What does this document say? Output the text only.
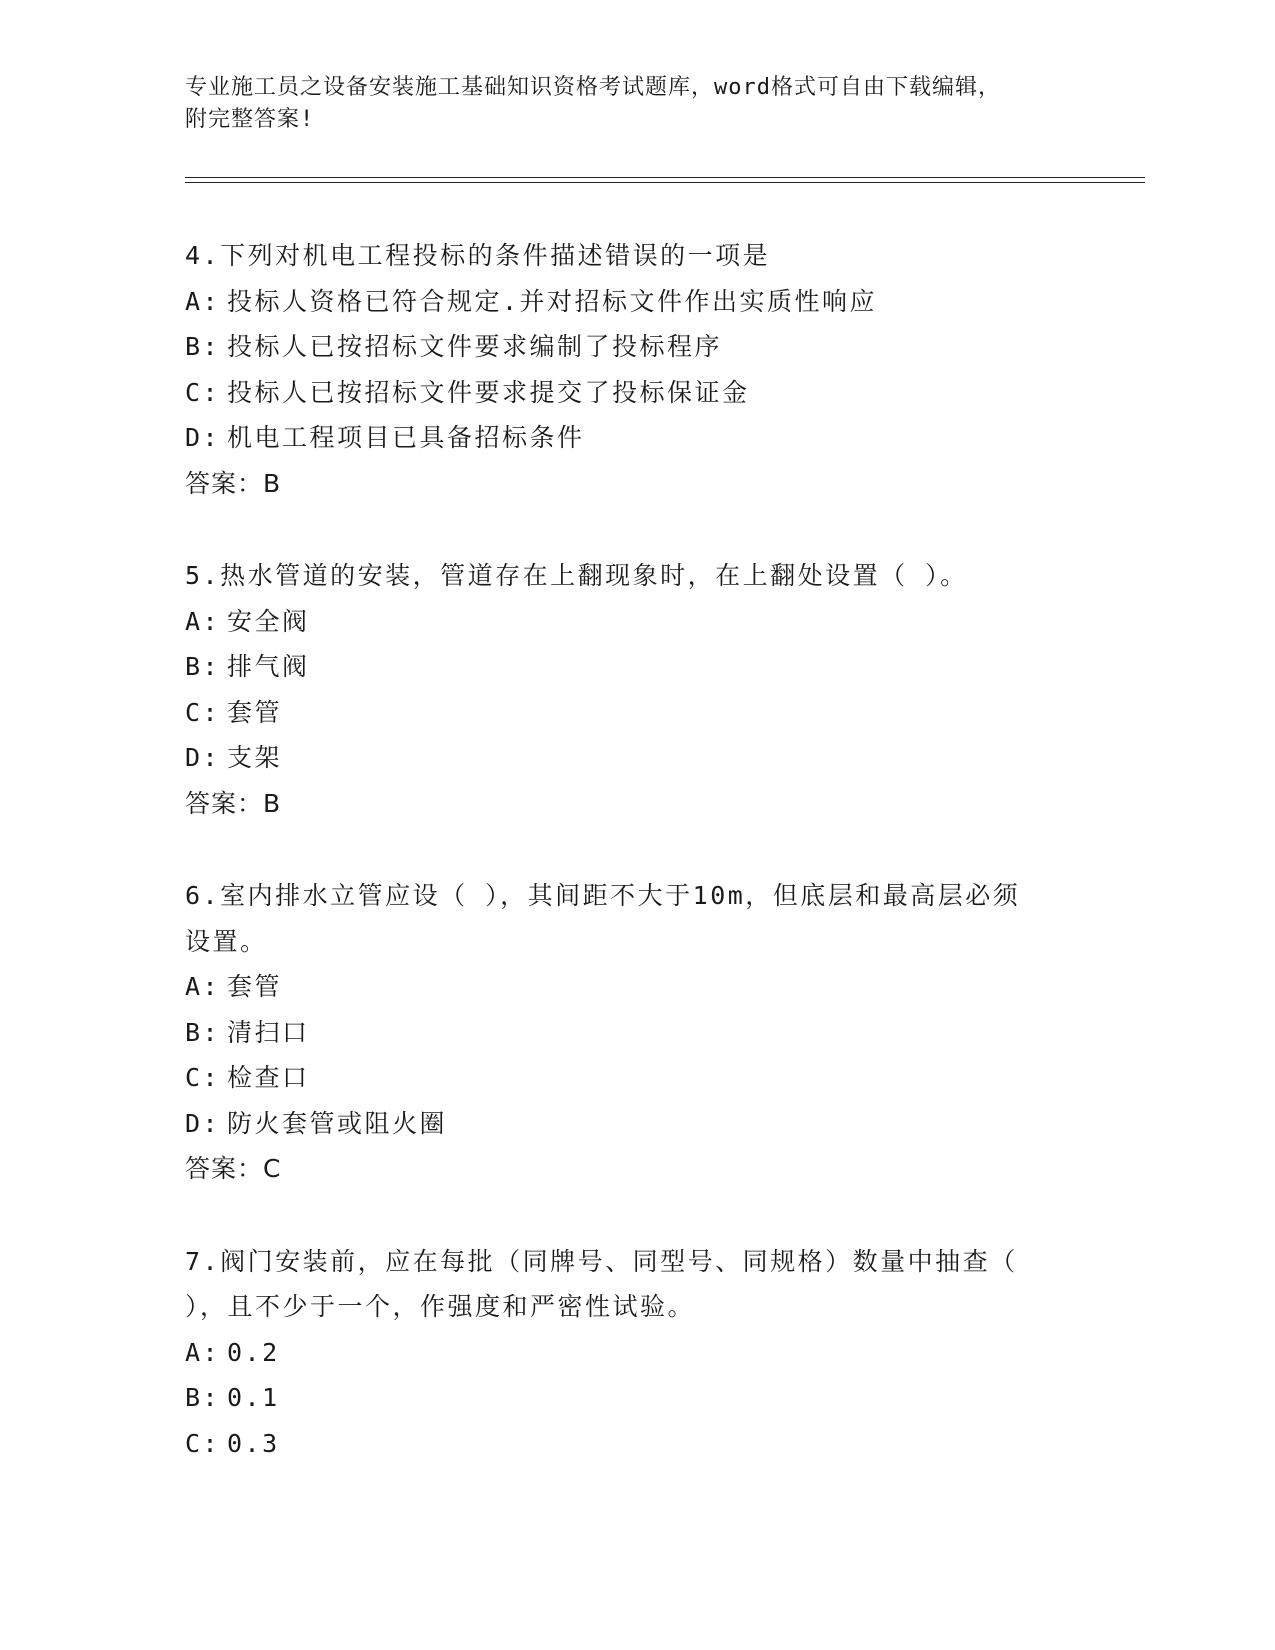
专业施工员之设备安装施工基础知识资格考试题库，word格式可自由下载编辑，
附完整答案!
4.下列对机电工程投标的条件描述错误的一项是
A: 投标人资格已符合规定.并对招标文件作出实质性响应
B: 投标人已按招标文件要求编制了投标程序
C: 投标人已按招标文件要求提交了投标保证金
D: 机电工程项目已具备招标条件
答案：B
5.热水管道的安装，管道存在上翻现象时，在上翻处设置（ ）。
A: 安全阀
B: 排气阀
C: 套管
D: 支架
答案：B
6.室内排水立管应设（ ），其间距不大于10m，但底层和最高层必须
设置。
A: 套管
B: 清扫口
C: 检查口
D: 防火套管或阻火圈
答案：C
7.阀门安装前，应在每批（同牌号、同型号、同规格）数量中抽查（
），且不少于一个，作强度和严密性试验。
A: 0.2
B: 0.1
C: 0.3
